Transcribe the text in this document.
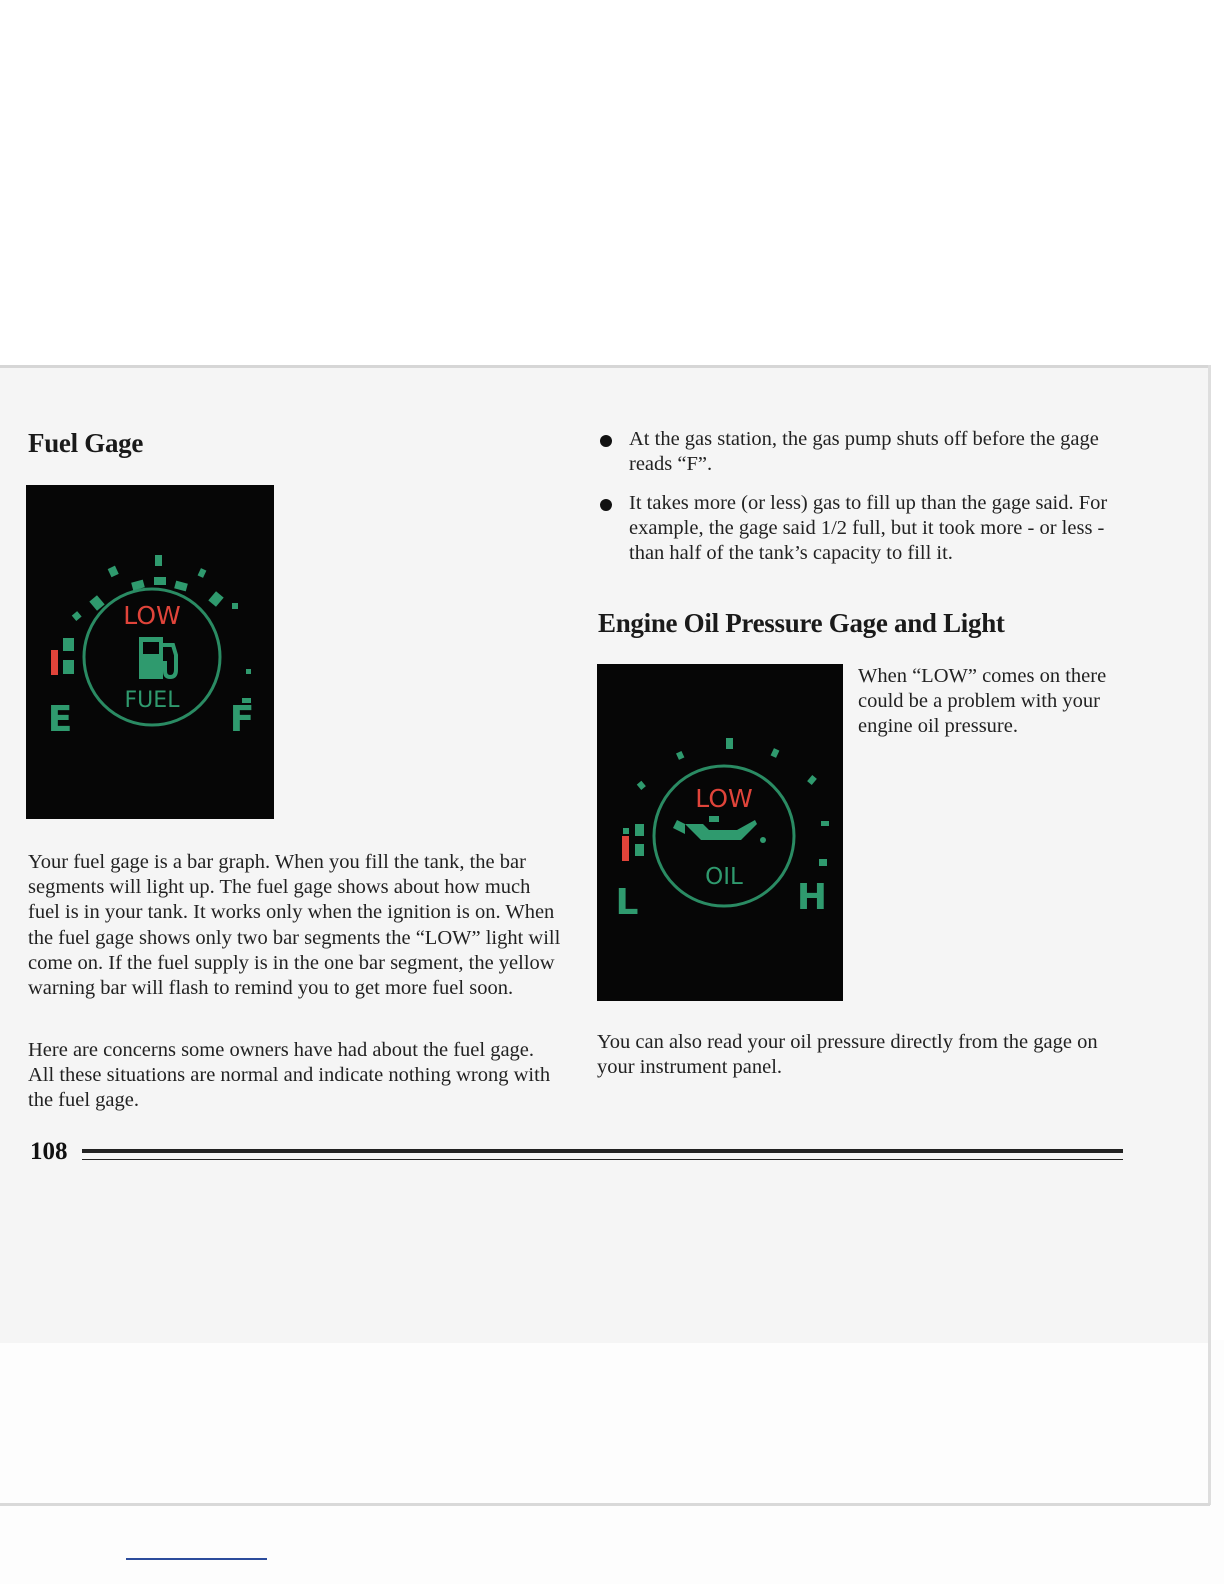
Fuel Gage
LOW
FUEL
E	F

Your fuel gage is a bar graph. When you fill the tank, the bar segments will light up. The fuel gage shows about how much fuel is in your tank. It works only when the ignition is on. When the fuel gage shows only two bar segments the “LOW” light will come on. If the fuel supply is in the one bar segment, the yellow warning bar will flash to remind you to get more fuel soon.

Here are concerns some owners have had about the fuel gage. All these situations are normal and indicate nothing wrong with the fuel gage.

At the gas station, the gas pump shuts off before the gage reads “F”.
It takes more (or less) gas to fill up than the gage said. For example, the gage said 1/2 full, but it took more - or less - than half of the tank’s capacity to fill it.
Engine Oil Pressure Gage and Light
LOW
OIL
L	H

When “LOW” comes on there could be a problem with your engine oil pressure.

You can also read your oil pressure directly from the gage on your instrument panel.

108
